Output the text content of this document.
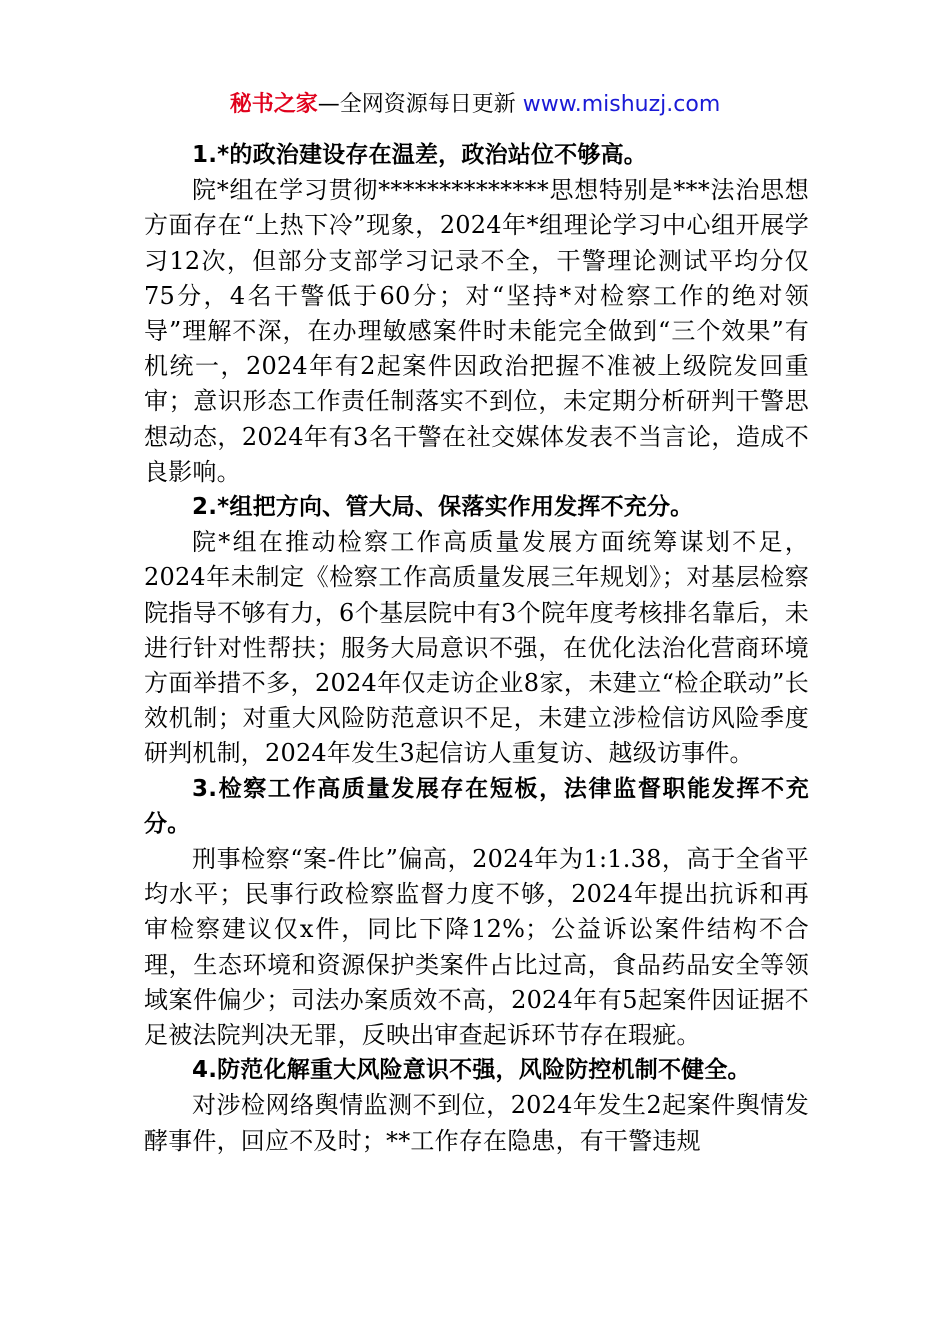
秘书之家—全网资源每日更新 www.mishuzj.com

1.*的政治建设存在温差，政治站位不够高。

院*组在学习贯彻**************思想特别是***法治思想方面存在“上热下冷”现象，2024年*组理论学习中心组开展学习12次，但部分支部学习记录不全，干警理论测试平均分仅75分，4名干警低于60分；对“坚持*对检察工作的绝对领导”理解不深，在办理敏感案件时未能完全做到“三个效果”有机统一，2024年有2起案件因政治把握不准被上级院发回重审；意识形态工作责任制落实不到位，未定期分析研判干警思想动态，2024年有3名干警在社交媒体发表不当言论，造成不良影响。

2.*组把方向、管大局、保落实作用发挥不充分。

院*组在推动检察工作高质量发展方面统筹谋划不足，2024年未制定《检察工作高质量发展三年规划》；对基层检察院指导不够有力，6个基层院中有3个院年度考核排名靠后，未进行针对性帮扶；服务大局意识不强，在优化法治化营商环境方面举措不多，2024年仅走访企业8家，未建立“检企联动”长效机制；对重大风险防范意识不足，未建立涉检信访风险季度研判机制，2024年发生3起信访人重复访、越级访事件。

3.检察工作高质量发展存在短板，法律监督职能发挥不充分。

刑事检察“案-件比”偏高，2024年为1:1.38，高于全省平均水平；民事行政检察监督力度不够，2024年提出抗诉和再审检察建议仅x件，同比下降12%；公益诉讼案件结构不合理，生态环境和资源保护类案件占比过高，食品药品安全等领域案件偏少；司法办案质效不高，2024年有5起案件因证据不足被法院判决无罪，反映出审查起诉环节存在瑕疵。

4.防范化解重大风险意识不强，风险防控机制不健全。

对涉检网络舆情监测不到位，2024年发生2起案件舆情发酵事件，回应不及时；**工作存在隐患，有干警违规
